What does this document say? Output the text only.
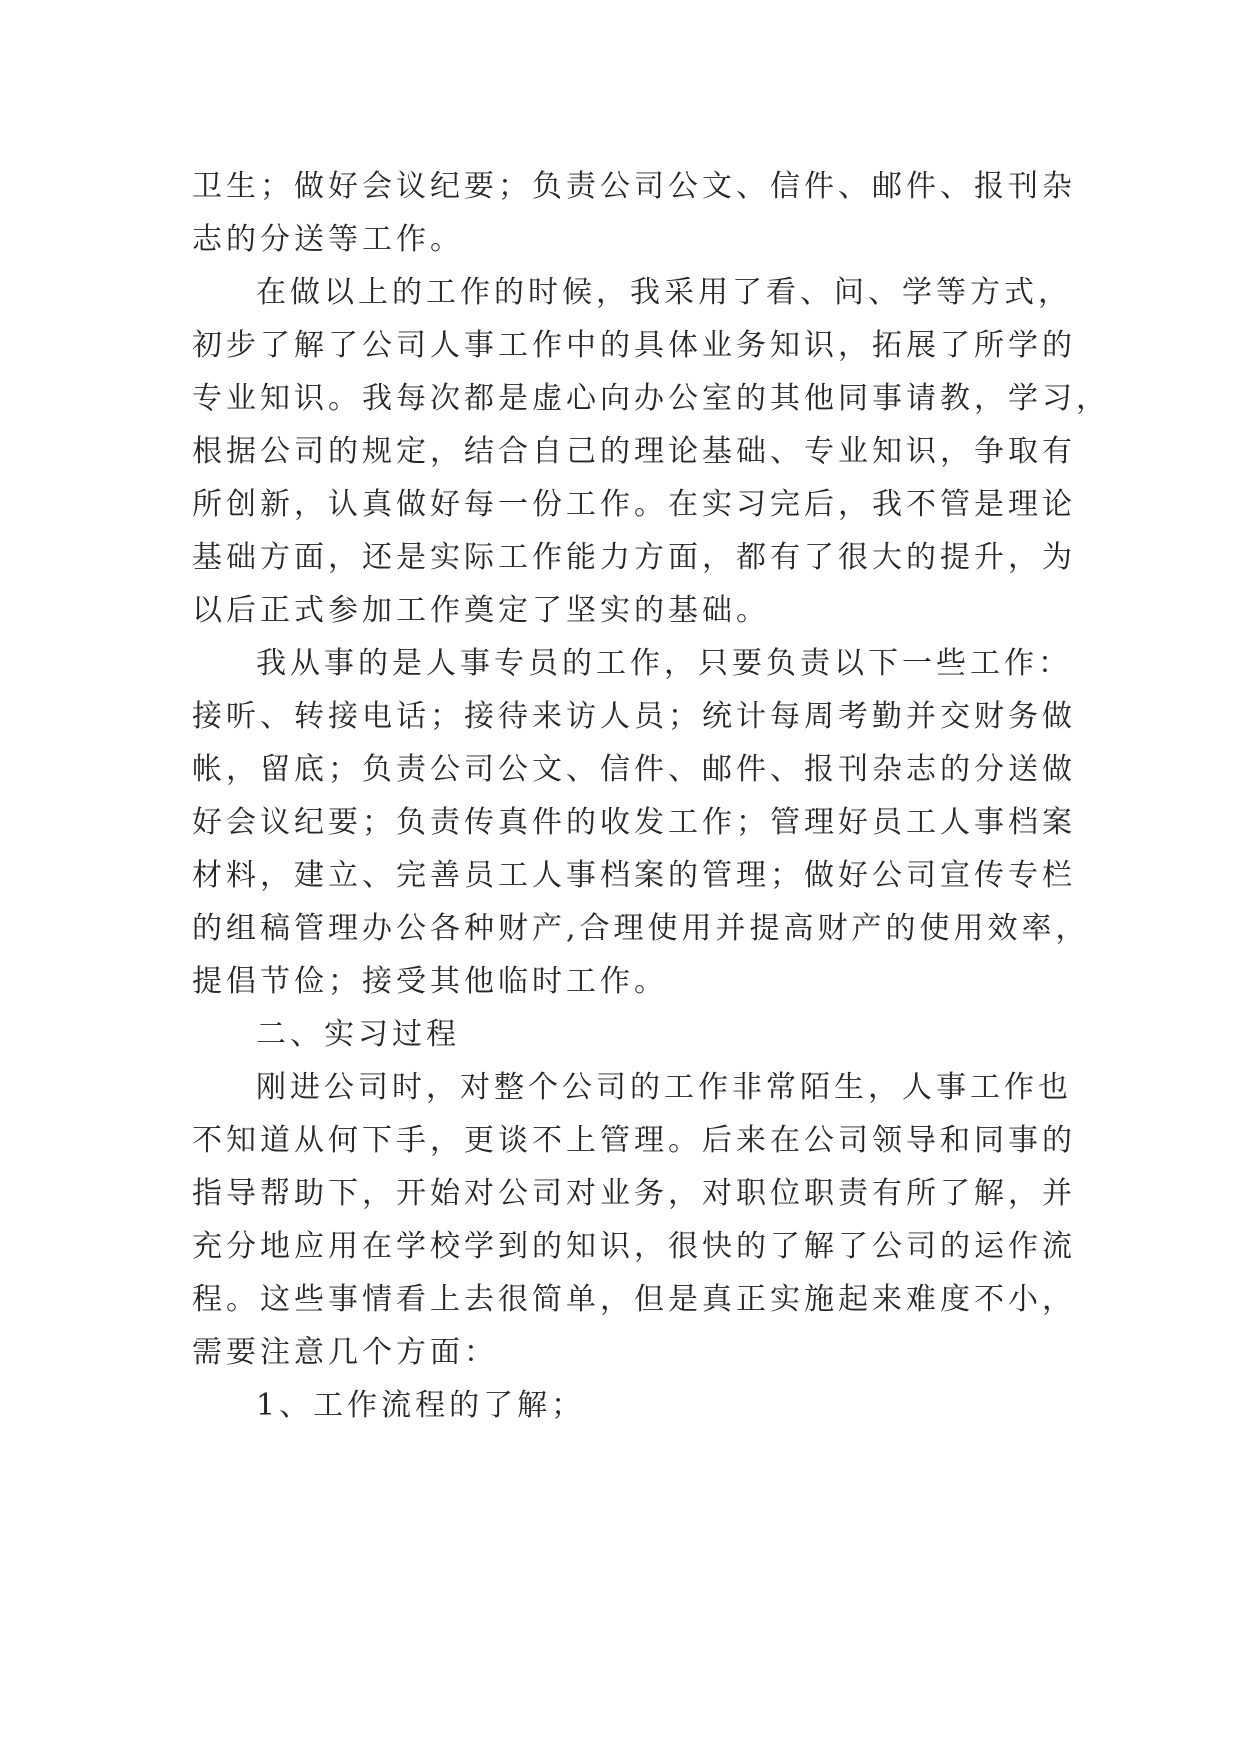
卫生；做好会议纪要；负责公司公文、信件、邮件、报刊杂
志的分送等工作。
在做以上的工作的时候，我采用了看、问、学等方式，
初步了解了公司人事工作中的具体业务知识，拓展了所学的
专业知识。我每次都是虚心向办公室的其他同事请教，学习，
根据公司的规定，结合自己的理论基础、专业知识，争取有
所创新，认真做好每一份工作。在实习完后，我不管是理论
基础方面，还是实际工作能力方面，都有了很大的提升，为
以后正式参加工作奠定了坚实的基础。
我从事的是人事专员的工作，只要负责以下一些工作：
接听、转接电话；接待来访人员；统计每周考勤并交财务做
帐，留底；负责公司公文、信件、邮件、报刊杂志的分送做
好会议纪要；负责传真件的收发工作；管理好员工人事档案
材料，建立、完善员工人事档案的管理；做好公司宣传专栏
的组稿管理办公各种财产,合理使用并提高财产的使用效率，
提倡节俭；接受其他临时工作。
二、实习过程
刚进公司时，对整个公司的工作非常陌生，人事工作也
不知道从何下手，更谈不上管理。后来在公司领导和同事的
指导帮助下，开始对公司对业务，对职位职责有所了解，并
充分地应用在学校学到的知识，很快的了解了公司的运作流
程。这些事情看上去很简单，但是真正实施起来难度不小，
需要注意几个方面：
1、工作流程的了解；
